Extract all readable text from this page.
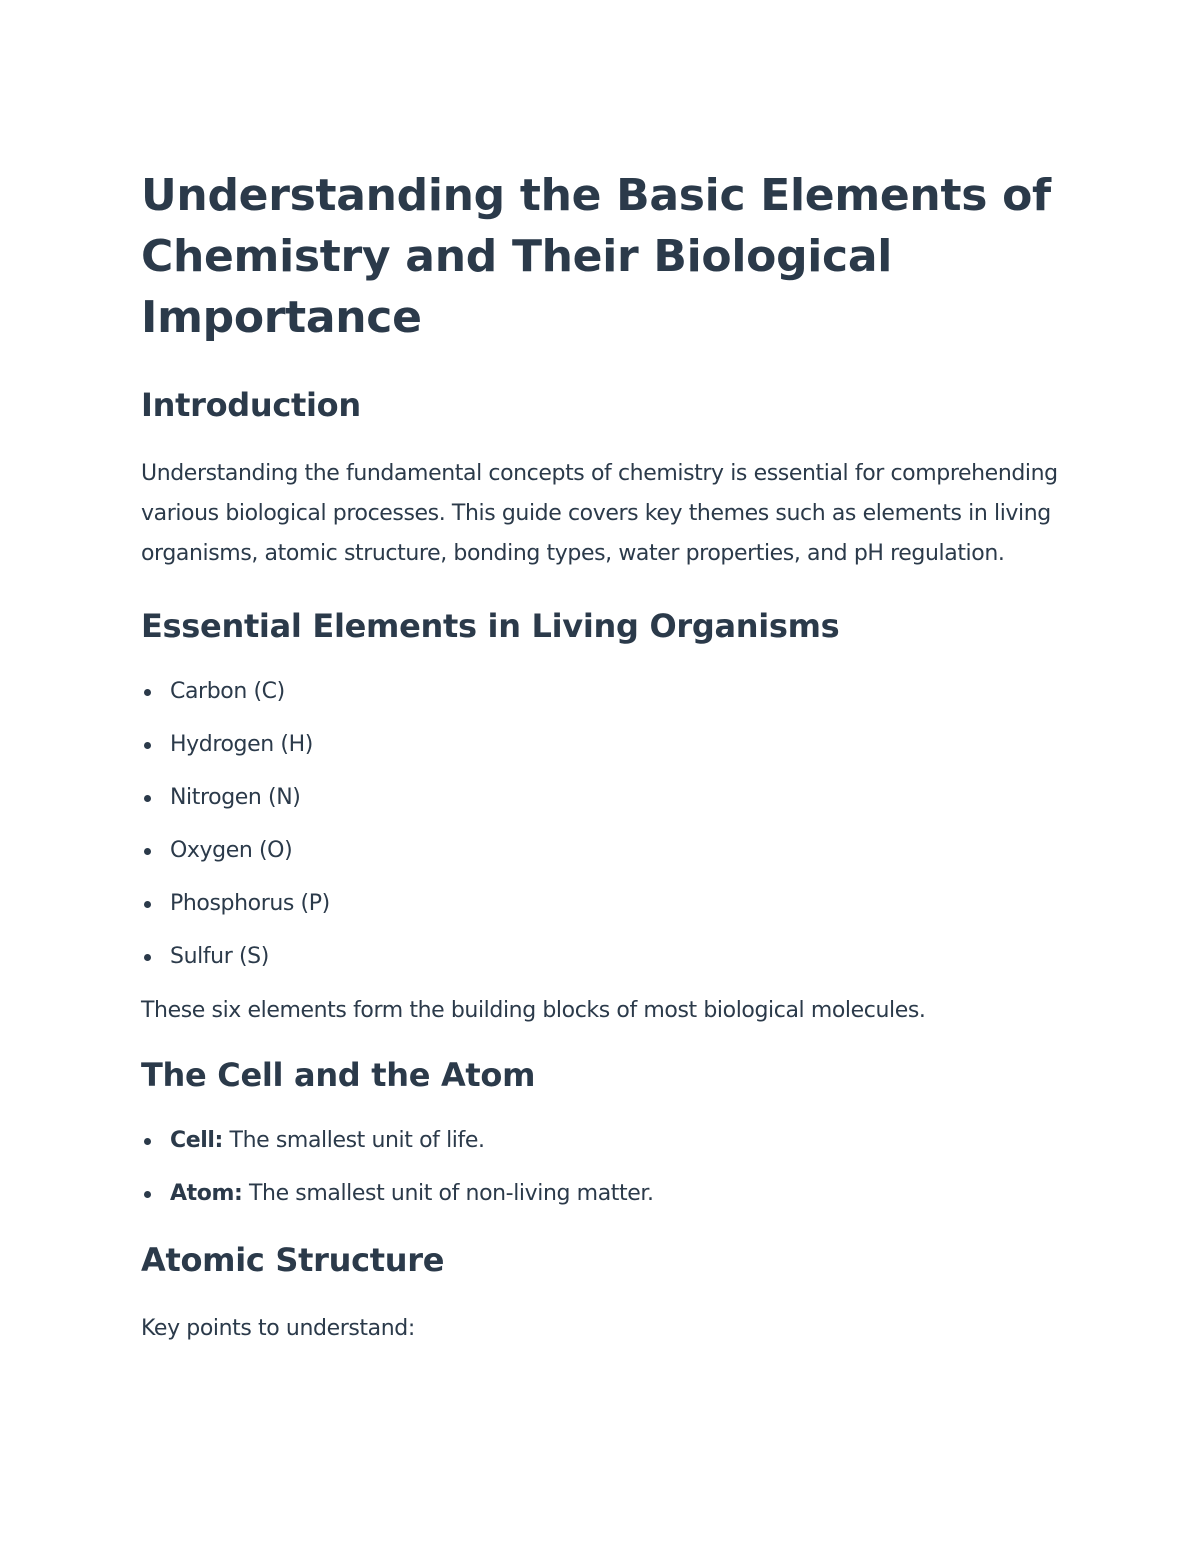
Understanding the Basic Elements of Chemistry and Their Biological Importance
Introduction

Understanding the fundamental concepts of chemistry is essential for comprehending various biological processes. This guide covers key themes such as elements in living organisms, atomic structure, bonding types, water properties, and pH regulation.

Essential Elements in Living Organisms
Carbon (C)
Hydrogen (H)
Nitrogen (N)
Oxygen (O)
Phosphorus (P)
Sulfur (S)

These six elements form the building blocks of most biological molecules.

The Cell and the Atom
Cell: The smallest unit of life.
Atom: The smallest unit of non-living matter.
Atomic Structure

Key points to understand:
